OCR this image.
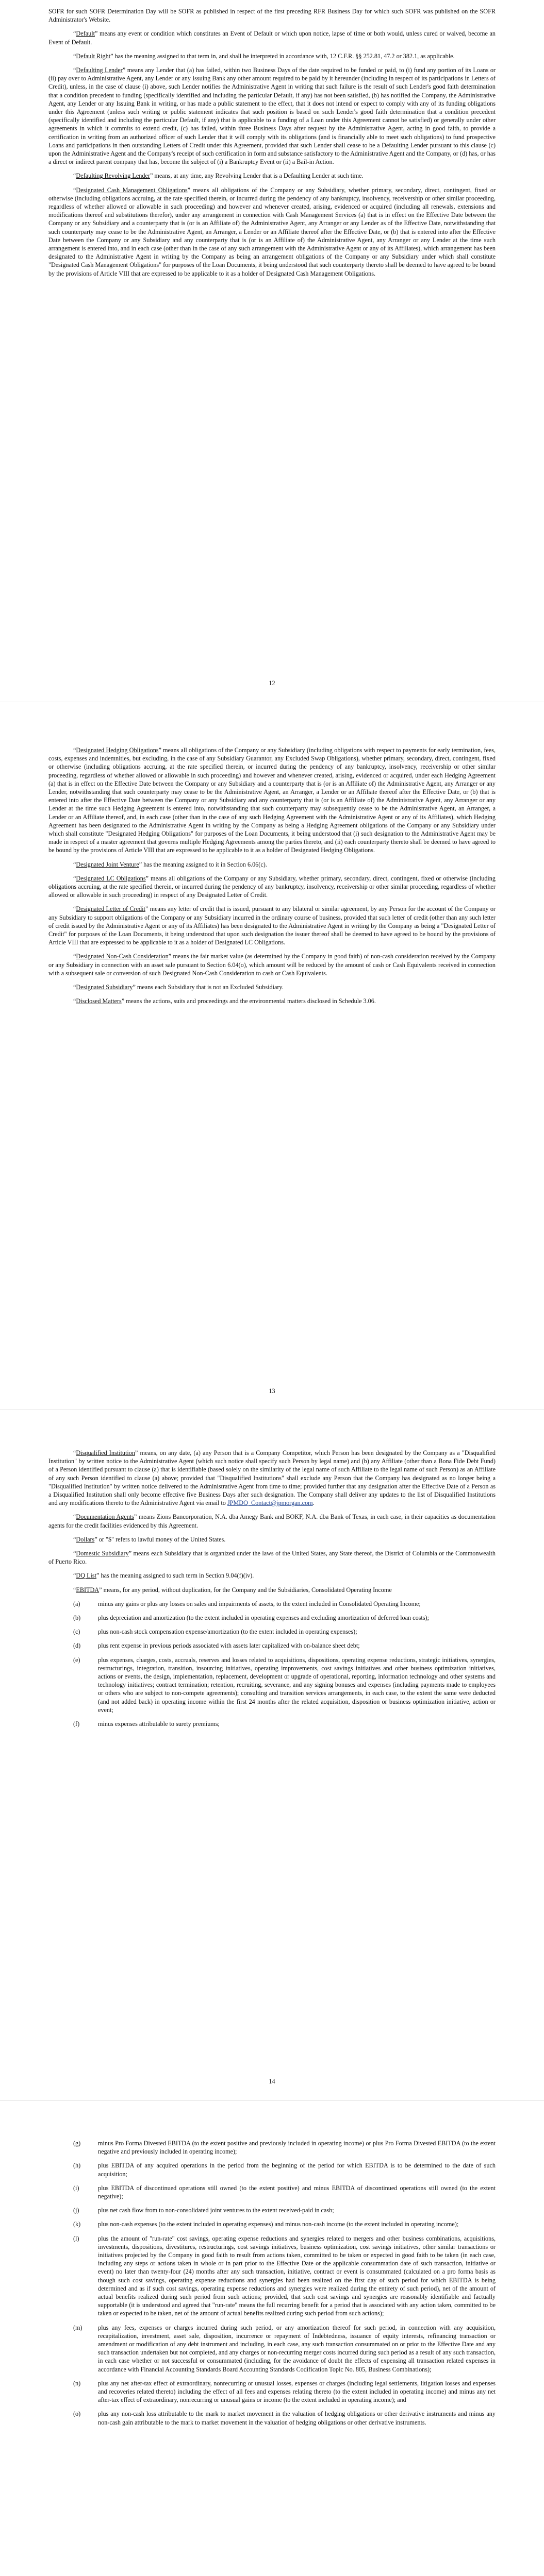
SOFR for such SOFR Determination Day will be SOFR as published in respect of the first preceding RFR Business Day for which such SOFR was published on the SOFR Administrator's Website.

“Default” means any event or condition which constitutes an Event of Default or which upon notice, lapse of time or both would, unless cured or waived, become an Event of Default.

“Default Right” has the meaning assigned to that term in, and shall be interpreted in accordance with, 12 C.F.R. §§ 252.81, 47.2 or 382.1, as applicable.

“Defaulting Lender” means any Lender that (a) has failed, within two Business Days of the date required to be funded or paid, to (i) fund any portion of its Loans or (ii) pay over to Administrative Agent, any Lender or any Issuing Bank any other amount required to be paid by it hereunder (including in respect of its participations in Letters of Credit), unless, in the case of clause (i) above, such Lender notifies the Administrative Agent in writing that such failure is the result of such Lender's good faith determination that a condition precedent to funding (specifically identified and including the particular Default, if any) has not been satisfied, (b) has notified the Company, the Administrative Agent, any Lender or any Issuing Bank in writing, or has made a public statement to the effect, that it does not intend or expect to comply with any of its funding obligations under this Agreement (unless such writing or public statement indicates that such position is based on such Lender's good faith determination that a condition precedent (specifically identified and including the particular Default, if any) that is applicable to a funding of a Loan under this Agreement cannot be satisfied) or generally under other agreements in which it commits to extend credit, (c) has failed, within three Business Days after request by the Administrative Agent, acting in good faith, to provide a certification in writing from an authorized officer of such Lender that it will comply with its obligations (and is financially able to meet such obligations) to fund prospective Loans and participations in then outstanding Letters of Credit under this Agreement, provided that such Lender shall cease to be a Defaulting Lender pursuant to this clause (c) upon the Administrative Agent and the Company's receipt of such certification in form and substance satisfactory to the Administrative Agent and the Company, or (d) has, or has a direct or indirect parent company that has, become the subject of (i) a Bankruptcy Event or (ii) a Bail-in Action.

“Defaulting Revolving Lender” means, at any time, any Revolving Lender that is a Defaulting Lender at such time.

“Designated Cash Management Obligations” means all obligations of the Company or any Subsidiary, whether primary, secondary, direct, contingent, fixed or otherwise (including obligations accruing, at the rate specified therein, or incurred during the pendency of any bankruptcy, insolvency, receivership or other similar proceeding, regardless of whether allowed or allowable in such proceeding) and however and whenever created, arising, evidenced or acquired (including all renewals, extensions and modifications thereof and substitutions therefor), under any arrangement in connection with Cash Management Services (a) that is in effect on the Effective Date between the Company or any Subsidiary and a counterparty that is (or is an Affiliate of) the Administrative Agent, any Arranger or any Lender as of the Effective Date, notwithstanding that such counterparty may cease to be the Administrative Agent, an Arranger, a Lender or an Affiliate thereof after the Effective Date, or (b) that is entered into after the Effective Date between the Company or any Subsidiary and any counterparty that is (or is an Affiliate of) the Administrative Agent, any Arranger or any Lender at the time such arrangement is entered into, and in each case (other than in the case of any such arrangement with the Administrative Agent or any of its Affiliates), which arrangement has been designated to the Administrative Agent in writing by the Company as being an arrangement obligations of the Company or any Subsidiary under which shall constitute "Designated Cash Management Obligations" for purposes of the Loan Documents, it being understood that such counterparty thereto shall be deemed to have agreed to be bound by the provisions of Article VIII that are expressed to be applicable to it as a holder of Designated Cash Management Obligations.

12

“Designated Hedging Obligations” means all obligations of the Company or any Subsidiary (including obligations with respect to payments for early termination, fees, costs, expenses and indemnities, but excluding, in the case of any Subsidiary Guarantor, any Excluded Swap Obligations), whether primary, secondary, direct, contingent, fixed or otherwise (including obligations accruing, at the rate specified therein, or incurred during the pendency of any bankruptcy, insolvency, receivership or other similar proceeding, regardless of whether allowed or allowable in such proceeding) and however and whenever created, arising, evidenced or acquired, under each Hedging Agreement (a) that is in effect on the Effective Date between the Company or any Subsidiary and a counterparty that is (or is an Affiliate of) the Administrative Agent, any Arranger or any Lender, notwithstanding that such counterparty may cease to be the Administrative Agent, an Arranger, a Lender or an Affiliate thereof after the Effective Date, or (b) that is entered into after the Effective Date between the Company or any Subsidiary and any counterparty that is (or is an Affiliate of) the Administrative Agent, any Arranger or any Lender at the time such Hedging Agreement is entered into, notwithstanding that such counterparty may subsequently cease to be the Administrative Agent, an Arranger, a Lender or an Affiliate thereof, and, in each case (other than in the case of any such Hedging Agreement with the Administrative Agent or any of its Affiliates), which Hedging Agreement has been designated to the Administrative Agent in writing by the Company as being a Hedging Agreement obligations of the Company or any Subsidiary under which shall constitute "Designated Hedging Obligations" for purposes of the Loan Documents, it being understood that (i) such designation to the Administrative Agent may be made in respect of a master agreement that governs multiple Hedging Agreements among the parties thereto, and (ii) each counterparty thereto shall be deemed to have agreed to be bound by the provisions of Article VIII that are expressed to be applicable to it as a holder of Designated Hedging Obligations.

“Designated Joint Venture” has the meaning assigned to it in Section 6.06(c).

“Designated LC Obligations” means all obligations of the Company or any Subsidiary, whether primary, secondary, direct, contingent, fixed or otherwise (including obligations accruing, at the rate specified therein, or incurred during the pendency of any bankruptcy, insolvency, receivership or other similar proceeding, regardless of whether allowed or allowable in such proceeding) in respect of any Designated Letter of Credit.

“Designated Letter of Credit” means any letter of credit that is issued, pursuant to any bilateral or similar agreement, by any Person for the account of the Company or any Subsidiary to support obligations of the Company or any Subsidiary incurred in the ordinary course of business, provided that such letter of credit (other than any such letter of credit issued by the Administrative Agent or any of its Affiliates) has been designated to the Administrative Agent in writing by the Company as being a "Designated Letter of Credit" for purposes of the Loan Documents, it being understood that upon such designation the issuer thereof shall be deemed to have agreed to be bound by the provisions of Article VIII that are expressed to be applicable to it as a holder of Designated LC Obligations.

“Designated Non-Cash Consideration” means the fair market value (as determined by the Company in good faith) of non-cash consideration received by the Company or any Subsidiary in connection with an asset sale pursuant to Section 6.04(o), which amount will be reduced by the amount of cash or Cash Equivalents received in connection with a subsequent sale or conversion of such Designated Non-Cash Consideration to cash or Cash Equivalents.

“Designated Subsidiary” means each Subsidiary that is not an Excluded Subsidiary.

“Disclosed Matters” means the actions, suits and proceedings and the environmental matters disclosed in Schedule 3.06.

13

“Disqualified Institution” means, on any date, (a) any Person that is a Company Competitor, which Person has been designated by the Company as a "Disqualified Institution" by written notice to the Administrative Agent (which such notice shall specify such Person by legal name) and (b) any Affiliate (other than a Bona Fide Debt Fund) of a Person identified pursuant to clause (a) that is identifiable (based solely on the similarity of the legal name of such Affiliate to the legal name of such Person) as an Affiliate of any such Person identified to clause (a) above; provided that "Disqualified Institutions" shall exclude any Person that the Company has designated as no longer being a "Disqualified Institution" by written notice delivered to the Administrative Agent from time to time; provided further that any designation after the Effective Date of a Person as a Disqualified Institution shall only become effective five Business Days after such designation. The Company shall deliver any updates to the list of Disqualified Institutions and any modifications thereto to the Administrative Agent via email to JPMDQ_Contact@jpmorgan.com.

“Documentation Agents” means Zions Bancorporation, N.A. dba Amegy Bank and BOKF, N.A. dba Bank of Texas, in each case, in their capacities as documentation agents for the credit facilities evidenced by this Agreement.

“Dollars” or "$" refers to lawful money of the United States.

“Domestic Subsidiary” means each Subsidiary that is organized under the laws of the United States, any State thereof, the District of Columbia or the Commonwealth of Puerto Rico.

“DQ List” has the meaning assigned to such term in Section 9.04(f)(iv).

“EBITDA” means, for any period, without duplication, for the Company and the Subsidiaries, Consolidated Operating Income

(a)	minus any gains or plus any losses on sales and impairments of assets, to the extent included in Consolidated Operating Income;
(b)	plus depreciation and amortization (to the extent included in operating expenses and excluding amortization of deferred loan costs);
(c)	plus non-cash stock compensation expense/amortization (to the extent included in operating expenses);
(d)	plus rent expense in previous periods associated with assets later capitalized with on-balance sheet debt;
(e)	plus expenses, charges, costs, accruals, reserves and losses related to acquisitions, dispositions, operating expense reductions, strategic initiatives, synergies, restructurings, integration, transition, insourcing initiatives, operating improvements, cost savings initiatives and other business optimization initiatives, actions or events, the design, implementation, replacement, development or upgrade of operational, reporting, information technology and other systems and technology initiatives; contract termination; retention, recruiting, severance, and any signing bonuses and expenses (including payments made to employees or others who are subject to non-compete agreements); consulting and transition services arrangements, in each case, to the extent the same were deducted (and not added back) in operating income within the first 24 months after the related acquisition, disposition or business optimization initiative, action or event;
(f)	minus expenses attributable to surety premiums;
14
(g)	minus Pro Forma Divested EBITDA (to the extent positive and previously included in operating income) or plus Pro Forma Divested EBITDA (to the extent negative and previously included in operating income);
(h)	plus EBITDA of any acquired operations in the period from the beginning of the period for which EBITDA is to be determined to the date of such acquisition;
(i)	plus EBITDA of discontinued operations still owned (to the extent positive) and minus EBITDA of discontinued operations still owned (to the extent negative);
(j)	plus net cash flow from to non-consolidated joint ventures to the extent received-paid in cash;
(k)	plus non-cash expenses (to the extent included in operating expenses) and minus non-cash income (to the extent included in operating income);
(l)	plus the amount of "run-rate" cost savings, operating expense reductions and synergies related to mergers and other business combinations, acquisitions, investments, dispositions, divestitures, restructurings, cost savings initiatives, business optimization, cost savings initiatives, other similar transactions or initiatives projected by the Company in good faith to result from actions taken, committed to be taken or expected in good faith to be taken (in each case, including any steps or actions taken in whole or in part prior to the Effective Date or the applicable consummation date of such transaction, initiative or event) no later than twenty-four (24) months after any such transaction, initiative, contract or event is consummated (calculated on a pro forma basis as though such cost savings, operating expense reductions and synergies had been realized on the first day of such period for which EBITDA is being determined and as if such cost savings, operating expense reductions and synergies were realized during the entirety of such period), net of the amount of actual benefits realized during such period from such actions; provided, that such cost savings and synergies are reasonably identifiable and factually supportable (it is understood and agreed that "run-rate" means the full recurring benefit for a period that is associated with any action taken, committed to be taken or expected to be taken, net of the amount of actual benefits realized during such period from such actions);
(m)	plus any fees, expenses or charges incurred during such period, or any amortization thereof for such period, in connection with any acquisition, recapitalization, investment, asset sale, disposition, incurrence or repayment of Indebtedness, issuance of equity interests, refinancing transaction or amendment or modification of any debt instrument and including, in each case, any such transaction consummated on or prior to the Effective Date and any such transaction undertaken but not completed, and any charges or non-recurring merger costs incurred during such period as a result of any such transaction, in each case whether or not successful or consummated (including, for the avoidance of doubt the effects of expensing all transaction related expenses in accordance with Financial Accounting Standards Board Accounting Standards Codification Topic No. 805, Business Combinations);
(n)	plus any net after-tax effect of extraordinary, nonrecurring or unusual losses, expenses or charges (including legal settlements, litigation losses and expenses and recoveries related thereto) including the effect of all fees and expenses relating thereto (to the extent included in operating income) and minus any net after-tax effect of extraordinary, nonrecurring or unusual gains or income (to the extent included in operating income); and
(o)	plus any non-cash loss attributable to the mark to market movement in the valuation of hedging obligations or other derivative instruments and minus any non-cash gain attributable to the mark to market movement in the valuation of hedging obligations or other derivative instruments.
